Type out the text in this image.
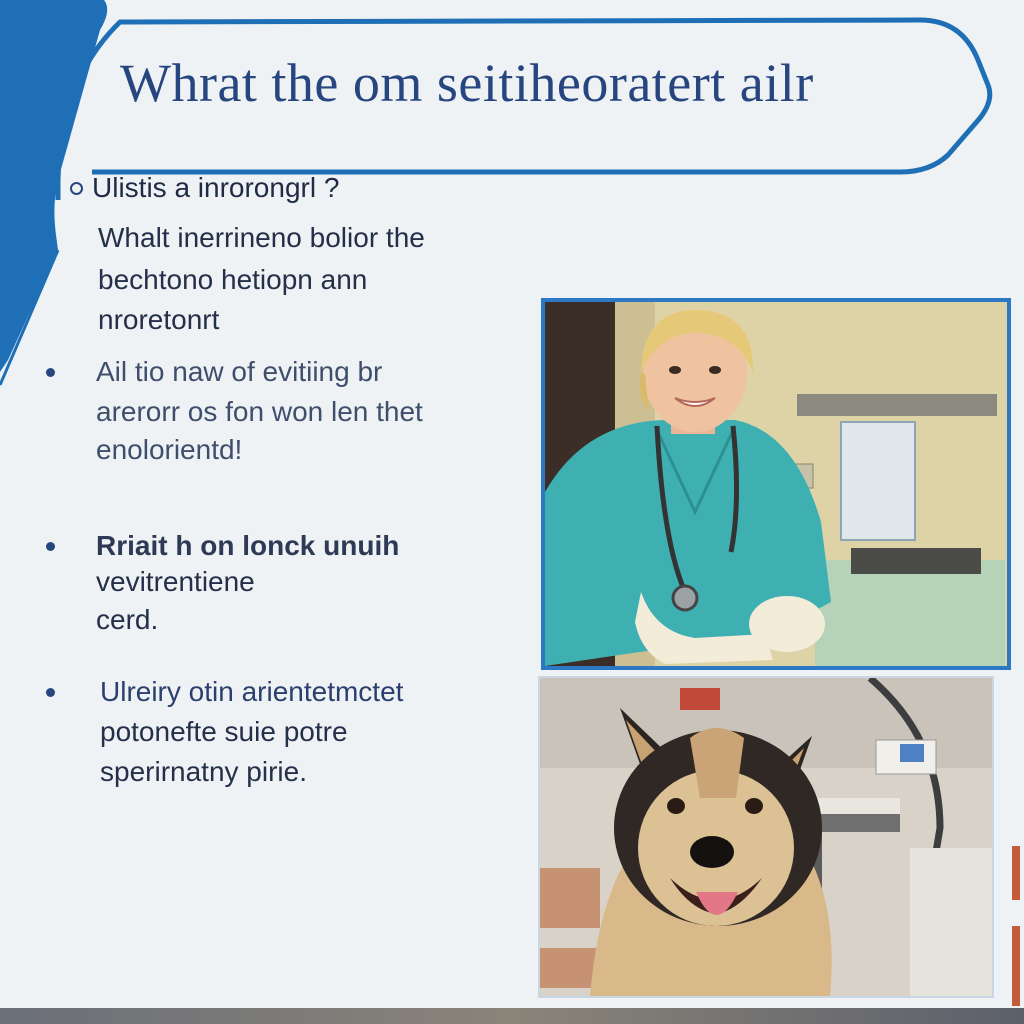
Whrat the om seitiheoratert ailr
Ulistis a inrorongrl ?
Whalt inerrineno bolior the
bechtono hetiopn ann
nroretonrt
Ail tio naw of evitiing br
arerorr os fon won len thet
enolorientd!
Rriait h on lonck unuih
vevitrentiene
cerd.
Ulreiry otin arientetmctet
potonefte suie potre
sperirnatny pirie.
